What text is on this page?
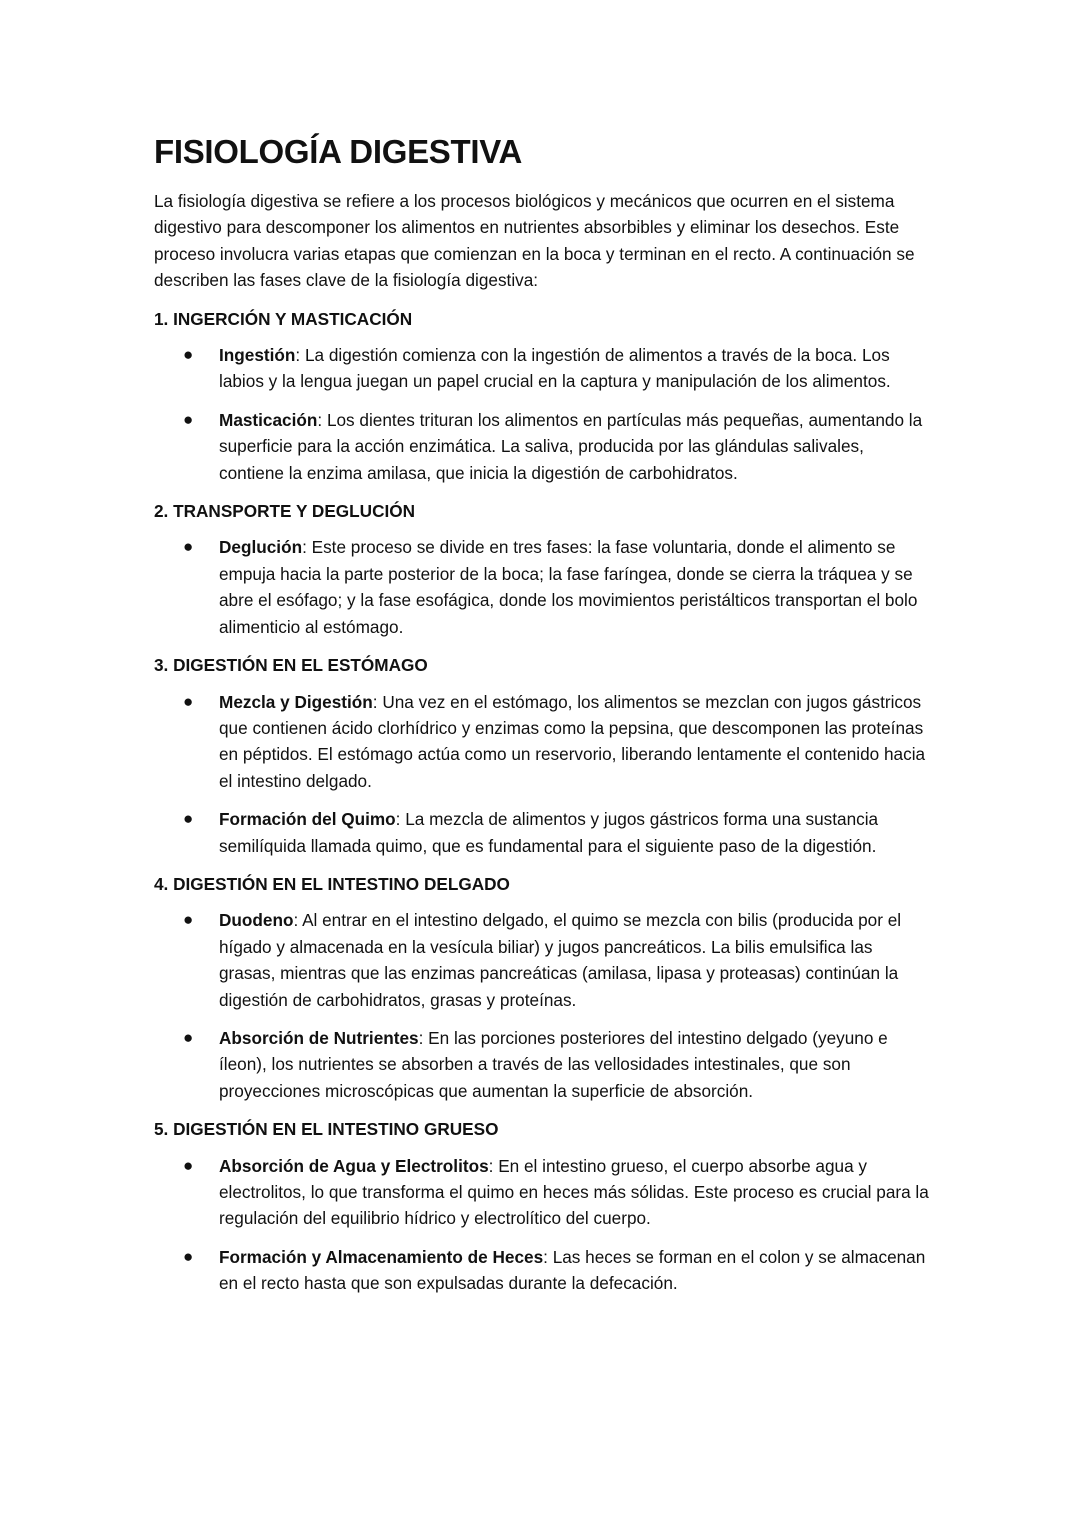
FISIOLOGÍA DIGESTIVA

La fisiología digestiva se refiere a los procesos biológicos y mecánicos que ocurren en el sistema digestivo para descomponer los alimentos en nutrientes absorbibles y eliminar los desechos. Este proceso involucra varias etapas que comienzan en la boca y terminan en el recto. A continuación se describen las fases clave de la fisiología digestiva:

1. INGERCIÓN Y MASTICACIÓN
● Ingestión: La digestión comienza con la ingestión de alimentos a través de la boca. Los labios y la lengua juegan un papel crucial en la captura y manipulación de los alimentos.
● Masticación: Los dientes trituran los alimentos en partículas más pequeñas, aumentando la superficie para la acción enzimática. La saliva, producida por las glándulas salivales, contiene la enzima amilasa, que inicia la digestión de carbohidratos.
2. TRANSPORTE Y DEGLUCIÓN
● Deglución: Este proceso se divide en tres fases: la fase voluntaria, donde el alimento se empuja hacia la parte posterior de la boca; la fase faríngea, donde se cierra la tráquea y se abre el esófago; y la fase esofágica, donde los movimientos peristálticos transportan el bolo alimenticio al estómago.
3. DIGESTIÓN EN EL ESTÓMAGO
● Mezcla y Digestión: Una vez en el estómago, los alimentos se mezclan con jugos gástricos que contienen ácido clorhídrico y enzimas como la pepsina, que descomponen las proteínas en péptidos. El estómago actúa como un reservorio, liberando lentamente el contenido hacia el intestino delgado.
● Formación del Quimo: La mezcla de alimentos y jugos gástricos forma una sustancia semilíquida llamada quimo, que es fundamental para el siguiente paso de la digestión.
4. DIGESTIÓN EN EL INTESTINO DELGADO
● Duodeno: Al entrar en el intestino delgado, el quimo se mezcla con bilis (producida por el hígado y almacenada en la vesícula biliar) y jugos pancreáticos. La bilis emulsifica las grasas, mientras que las enzimas pancreáticas (amilasa, lipasa y proteasas) continúan la digestión de carbohidratos, grasas y proteínas.
● Absorción de Nutrientes: En las porciones posteriores del intestino delgado (yeyuno e íleon), los nutrientes se absorben a través de las vellosidades intestinales, que son proyecciones microscópicas que aumentan la superficie de absorción.
5. DIGESTIÓN EN EL INTESTINO GRUESO
● Absorción de Agua y Electrolitos: En el intestino grueso, el cuerpo absorbe agua y electrolitos, lo que transforma el quimo en heces más sólidas. Este proceso es crucial para la regulación del equilibrio hídrico y electrolítico del cuerpo.
● Formación y Almacenamiento de Heces: Las heces se forman en el colon y se almacenan en el recto hasta que son expulsadas durante la defecación.
